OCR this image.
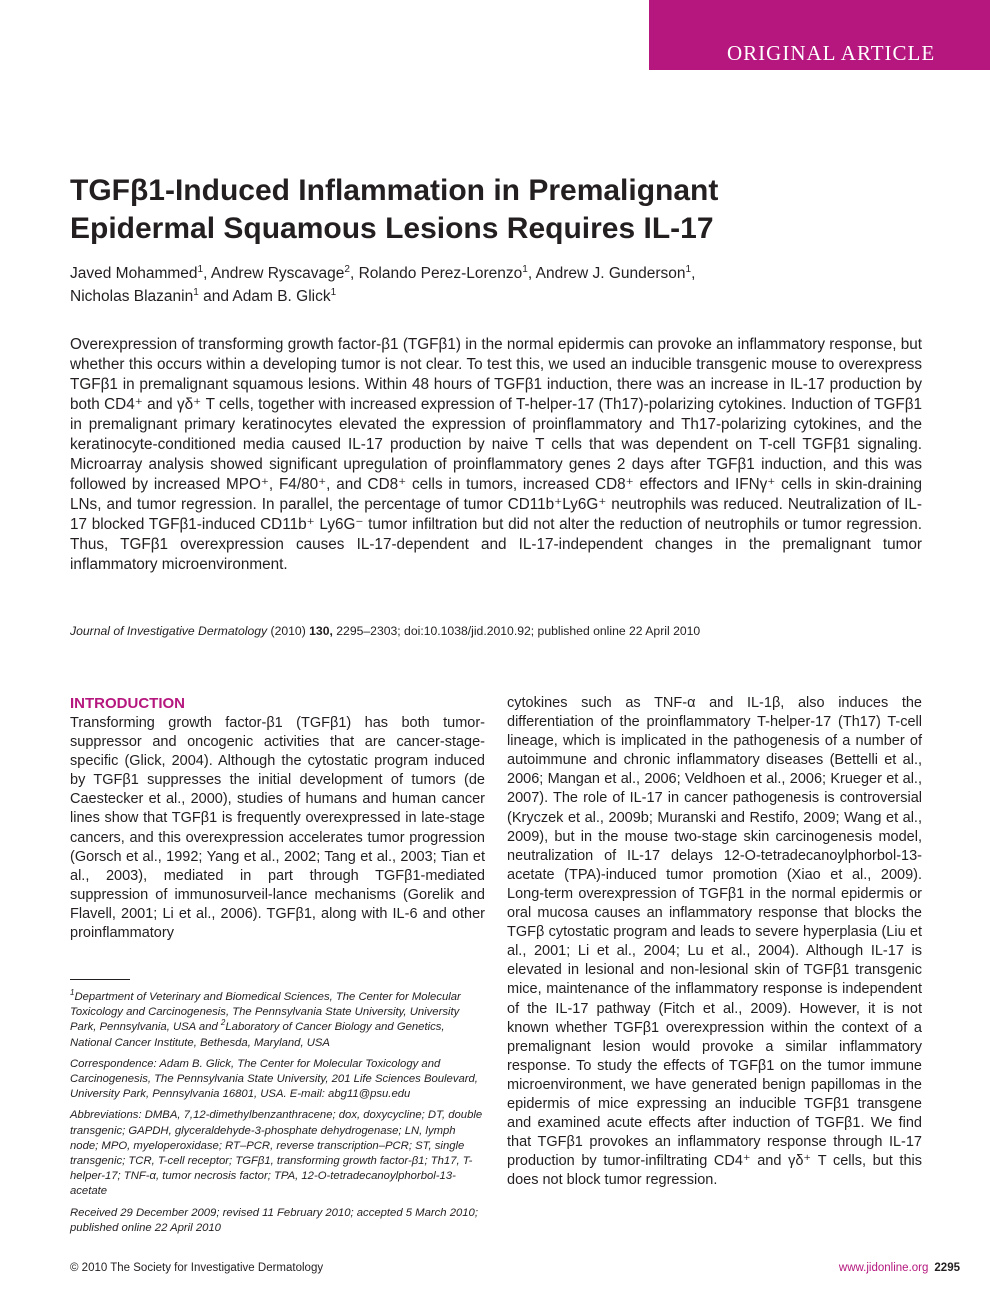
ORIGINAL ARTICLE
TGFβ1-Induced Inflammation in Premalignant
Epidermal Squamous Lesions Requires IL-17
Javed Mohammed$^1$, Andrew Ryscavage$^2$, Rolando Perez-Lorenzo$^1$, Andrew J. Gunderson$^1$,
Nicholas Blazanin$^1$ and Adam B. Glick$^1$

Overexpression of transforming growth factor-β1 (TGFβ1) in the normal epidermis can provoke an inflammatory response, but whether this occurs within a developing tumor is not clear. To test this, we used an inducible transgenic mouse to overexpress TGFβ1 in premalignant squamous lesions. Within 48 hours of TGFβ1 induction, there was an increase in IL-17 production by both CD4⁺ and γδ⁺ T cells, together with increased expression of T-helper-17 (Th17)-polarizing cytokines. Induction of TGFβ1 in premalignant primary keratinocytes elevated the expression of proinflammatory and Th17-polarizing cytokines, and the keratinocyte-conditioned media caused IL-17 production by naive T cells that was dependent on T-cell TGFβ1 signaling. Microarray analysis showed significant upregulation of proinflammatory genes 2 days after TGFβ1 induction, and this was followed by increased MPO⁺, F4/80⁺, and CD8⁺ cells in tumors, increased CD8⁺ effectors and IFNγ⁺ cells in skin-draining LNs, and tumor regression. In parallel, the percentage of tumor CD11b⁺Ly6G⁺ neutrophils was reduced. Neutralization of IL-17 blocked TGFβ1-induced CD11b⁺ Ly6G⁻ tumor infiltration but did not alter the reduction of neutrophils or tumor regression. Thus, TGFβ1 overexpression causes IL-17-dependent and IL-17-independent changes in the premalignant tumor inflammatory microenvironment.

Journal of Investigative Dermatology (2010) 130, 2295–2303; doi:10.1038/jid.2010.92; published online 22 April 2010
INTRODUCTION

Transforming growth factor-β1 (TGFβ1) has both tumor-suppressor and oncogenic activities that are cancer-stage-specific (Glick, 2004). Although the cytostatic program induced by TGFβ1 suppresses the initial development of tumors (de Caestecker et al., 2000), studies of humans and human cancer lines show that TGFβ1 is frequently overexpressed in late-stage cancers, and this overexpression accelerates tumor progression (Gorsch et al., 1992; Yang et al., 2002; Tang et al., 2003; Tian et al., 2003), mediated in part through TGFβ1-mediated suppression of immunosurveil-lance mechanisms (Gorelik and Flavell, 2001; Li et al., 2006). TGFβ1, along with IL-6 and other proinflammatory

cytokines such as TNF-α and IL-1β, also induces the differentiation of the proinflammatory T-helper-17 (Th17) T-cell lineage, which is implicated in the pathogenesis of a number of autoimmune and chronic inflammatory diseases (Bettelli et al., 2006; Mangan et al., 2006; Veldhoen et al., 2006; Krueger et al., 2007). The role of IL-17 in cancer pathogenesis is controversial (Kryczek et al., 2009b; Muranski and Restifo, 2009; Wang et al., 2009), but in the mouse two-stage skin carcinogenesis model, neutralization of IL-17 delays 12-O-tetradecanoylphorbol-13-acetate (TPA)-induced tumor promotion (Xiao et al., 2009). Long-term overexpression of TGFβ1 in the normal epidermis or oral mucosa causes an inflammatory response that blocks the TGFβ cytostatic program and leads to severe hyperplasia (Liu et al., 2001; Li et al., 2004; Lu et al., 2004). Although IL-17 is elevated in lesional and non-lesional skin of TGFβ1 transgenic mice, maintenance of the inflammatory response is independent of the IL-17 pathway (Fitch et al., 2009). However, it is not known whether TGFβ1 overexpression within the context of a premalignant lesion would provoke a similar inflammatory response. To study the effects of TGFβ1 on the tumor immune microenvironment, we have generated benign papillomas in the epidermis of mice expressing an inducible TGFβ1 transgene and examined acute effects after induction of TGFβ1. We find that TGFβ1 provokes an inflammatory response through IL-17 production by tumor-infiltrating CD4⁺ and γδ⁺ T cells, but this does not block tumor regression.

$^1$Department of Veterinary and Biomedical Sciences, The Center for Molecular Toxicology and Carcinogenesis, The Pennsylvania State University, University Park, Pennsylvania, USA and $^2$Laboratory of Cancer Biology and Genetics, National Cancer Institute, Bethesda, Maryland, USA

Correspondence: Adam B. Glick, The Center for Molecular Toxicology and Carcinogenesis, The Pennsylvania State University, 201 Life Sciences Boulevard, University Park, Pennsylvania 16801, USA. E-mail: abg11@psu.edu

Abbreviations: DMBA, 7,12-dimethylbenzanthracene; dox, doxycycline; DT, double transgenic; GAPDH, glyceraldehyde-3-phosphate dehydrogenase; LN, lymph node; MPO, myeloperoxidase; RT–PCR, reverse transcription–PCR; ST, single transgenic; TCR, T-cell receptor; TGFβ1, transforming growth factor-β1; Th17, T-helper-17; TNF-α, tumor necrosis factor; TPA, 12-O-tetradecanoylphorbol-13-acetate

Received 29 December 2009; revised 11 February 2010; accepted 5 March 2010; published online 22 April 2010

© 2010 The Society for Investigative Dermatology	www.jidonline.org 2295
